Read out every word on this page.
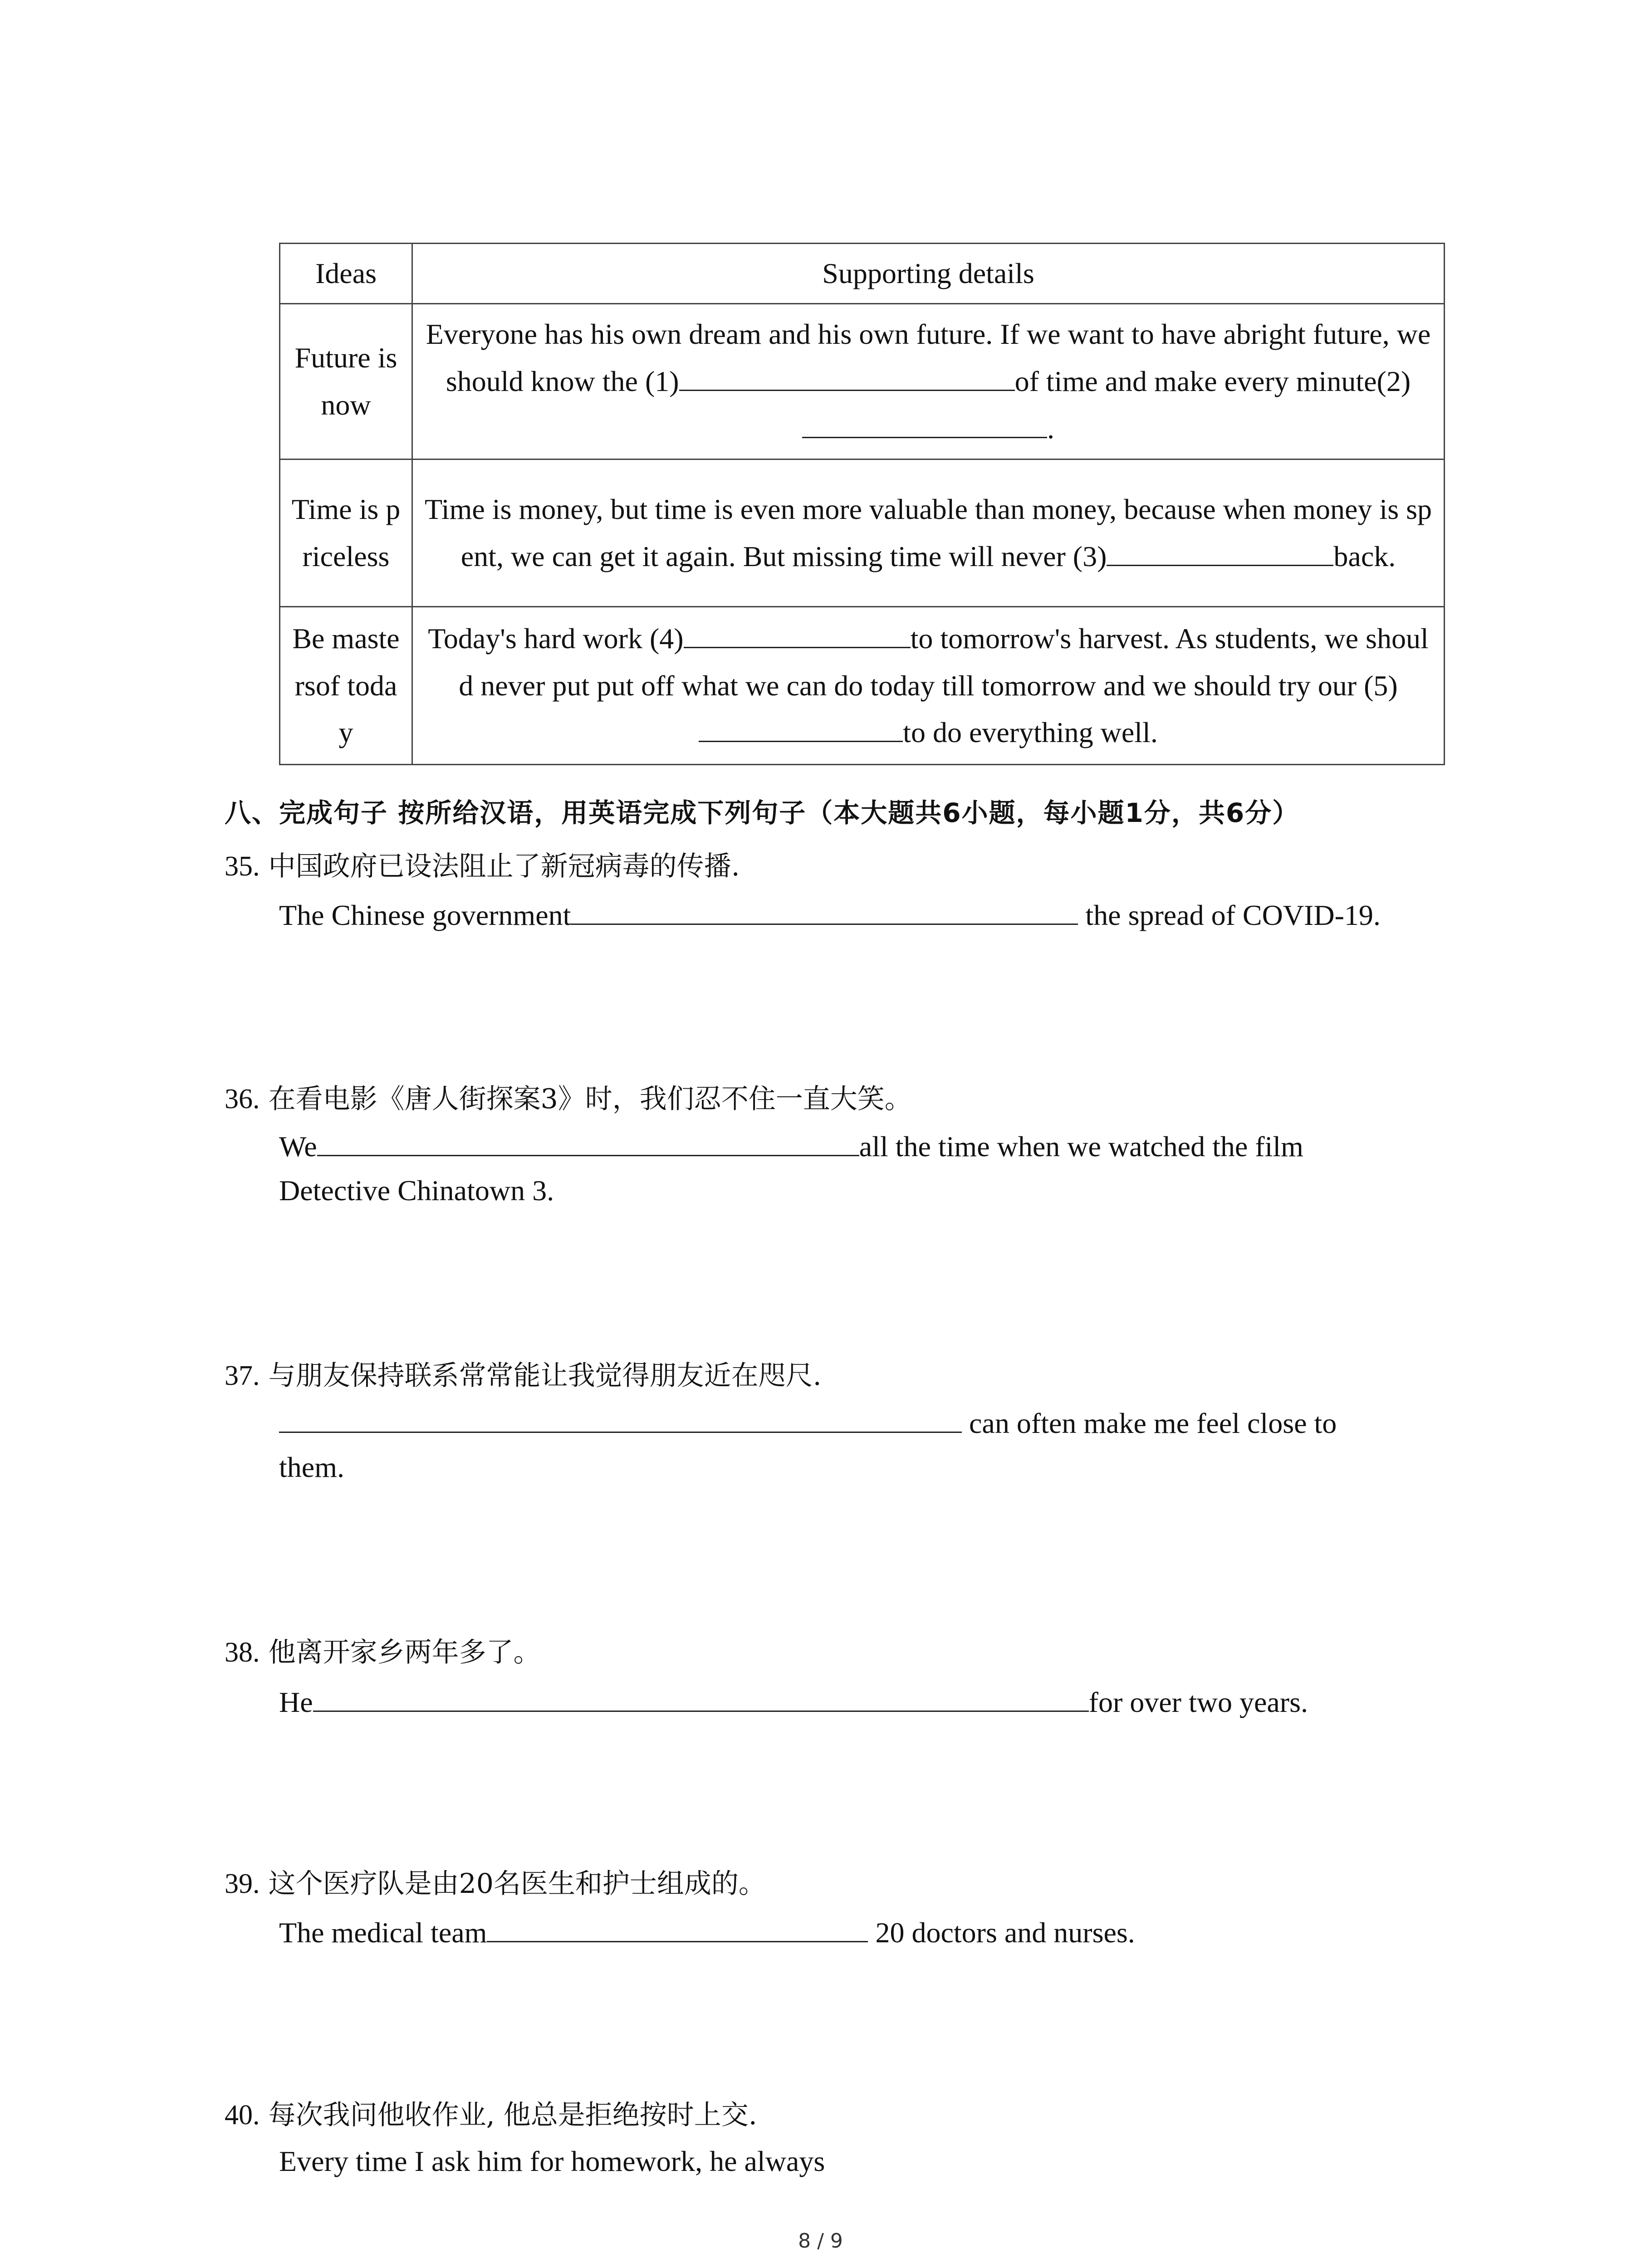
Ideas	Supporting details
Future is now	Everyone has his own dream and his own future. If we want to have abright future, we should know the (1) of time and make every minute(2).
Time is priceless	Time is money, but time is even more valuable than money, because when money is spent, we can get it again. But missing time will never (3) back.
Be mastersof today	Today's hard work (4) to tomorrow's harvest. As students, we should never put put off what we can do today till tomorrow and we should try our (5)to do everything well.
八、完成句子 按所给汉语，用英语完成下列句子（本大题共6小题，每小题1分，共6分）
35. 中国政府已设法阻止了新冠病毒的传播.
The Chinese government	the spread of COVID-19.
36. 在看电影《唐人街探案3》时，我们忍不住一直大笑。
We	all the time when we watched the film
Detective Chinatown 3.
37. 与朋友保持联系常常能让我觉得朋友近在咫尺.
can often make me feel close to
them.
38. 他离开家乡两年多了。
He	for over two years.
39. 这个医疗队是由20名医生和护士组成的。
The medical team	20 doctors and nurses.
40. 每次我问他收作业, 他总是拒绝按时上交.
Every time I ask him for homework, he always
8 / 9
